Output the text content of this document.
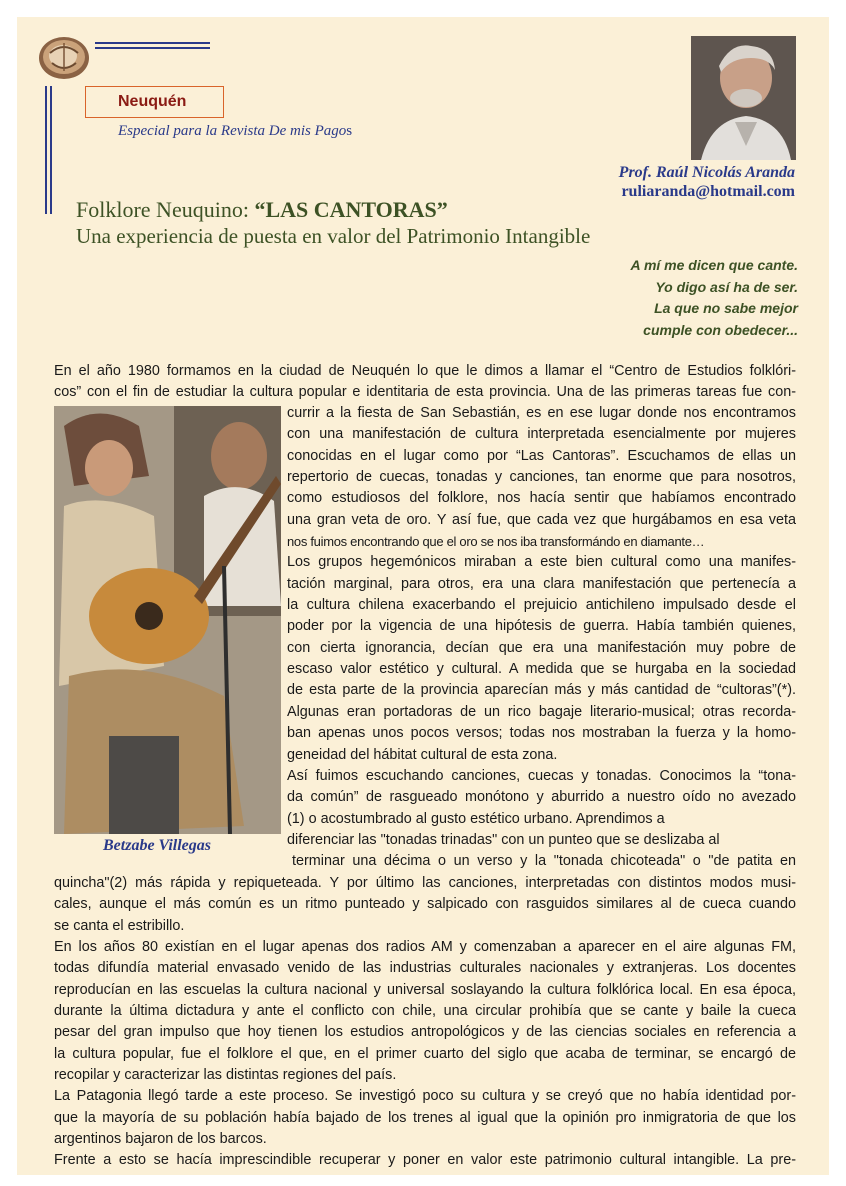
Neuquén
Especial para la Revista De mis Pagos
Prof. Raúl Nicolás Aranda
ruliaranda@hotmail.com
Folklore Neuquino: “LAS CANTORAS”
Una experiencia de puesta en valor del Patrimonio Intangible
A mí me dicen que cante.
Yo digo así ha de ser.
La que no sabe mejor
cumple con obedecer...
En el año 1980 formamos en la ciudad de Neuquén lo que le dimos a llamar el “Centro de Estudios folklóri-
cos” con el fin de estudiar la cultura popular e identitaria de esta provincia. Una de las primeras tareas fue con-
Betzabe Villegas
currir a la fiesta de San Sebastián, es en ese lugar donde nos encontramos
con una manifestación de cultura interpretada esencialmente por mujeres
conocidas en el lugar como por “Las Cantoras”. Escuchamos de ellas un
repertorio de cuecas, tonadas y canciones, tan enorme que para nosotros,
como estudiosos del folklore, nos hacía sentir que habíamos encontrado
una gran veta de oro. Y así fue, que cada vez que hurgábamos en esa veta
nos fuimos encontrando que el oro se nos iba transformándo en diamante…
Los grupos hegemónicos miraban a este bien cultural como una manifes-
tación marginal, para otros, era una clara manifestación que pertenecía a
la cultura chilena exacerbando el prejuicio antichileno impulsado desde el
poder por la vigencia de una hipótesis de guerra. Había también quienes,
con cierta ignorancia, decían que era una manifestación muy pobre de
escaso valor estético y cultural. A medida que se hurgaba en la sociedad
de esta parte de la provincia aparecían más y más cantidad de “cultoras”(*).
Algunas eran portadoras de un rico bagaje literario-musical; otras recorda-
ban apenas unos pocos versos; todas nos mostraban la fuerza y la homo-
geneidad del hábitat cultural de esta zona.
Así fuimos escuchando canciones, cuecas y tonadas. Conocimos la “tona-
da común” de rasgueado monótono y aburrido a nuestro oído no avezado
(1) o acostumbrado al gusto estético urbano. Aprendimos a
diferenciar las "tonadas trinadas" con un punteo que se deslizaba al
terminar una décima o un verso y la "tonada chicoteada" o "de patita en
quincha"(2) más rápida y repiqueteada. Y por último las canciones, interpretadas con distintos modos musi-
cales, aunque el más común es un ritmo punteado y salpicado con rasguidos similares al de cueca cuando
se canta el estribillo.
En los años 80 existían en el lugar apenas dos radios AM y comenzaban a aparecer en el aire algunas FM,
todas difundía material envasado venido de las industrias culturales nacionales y extranjeras. Los docentes
reproducían en las escuelas la cultura nacional y universal soslayando la cultura folklórica local. En esa época,
durante la última dictadura y ante el conflicto con chile, una circular prohibía que se cante y baile la cueca
pesar del gran impulso que hoy tienen los estudios antropológicos y de las ciencias sociales en referencia a
la cultura popular, fue el folklore el que, en el primer cuarto del siglo que acaba de terminar, se encargó de
recopilar y caracterizar las distintas regiones del país.
La Patagonia llegó tarde a este proceso. Se investigó poco su cultura y se creyó que no había identidad por-
que la mayoría de su población había bajado de los trenes al igual que la opinión pro inmigratoria de que los
argentinos bajaron de los barcos.
Frente a esto se hacía imprescindible recuperar y poner en valor este patrimonio cultural intangible. La pre-
